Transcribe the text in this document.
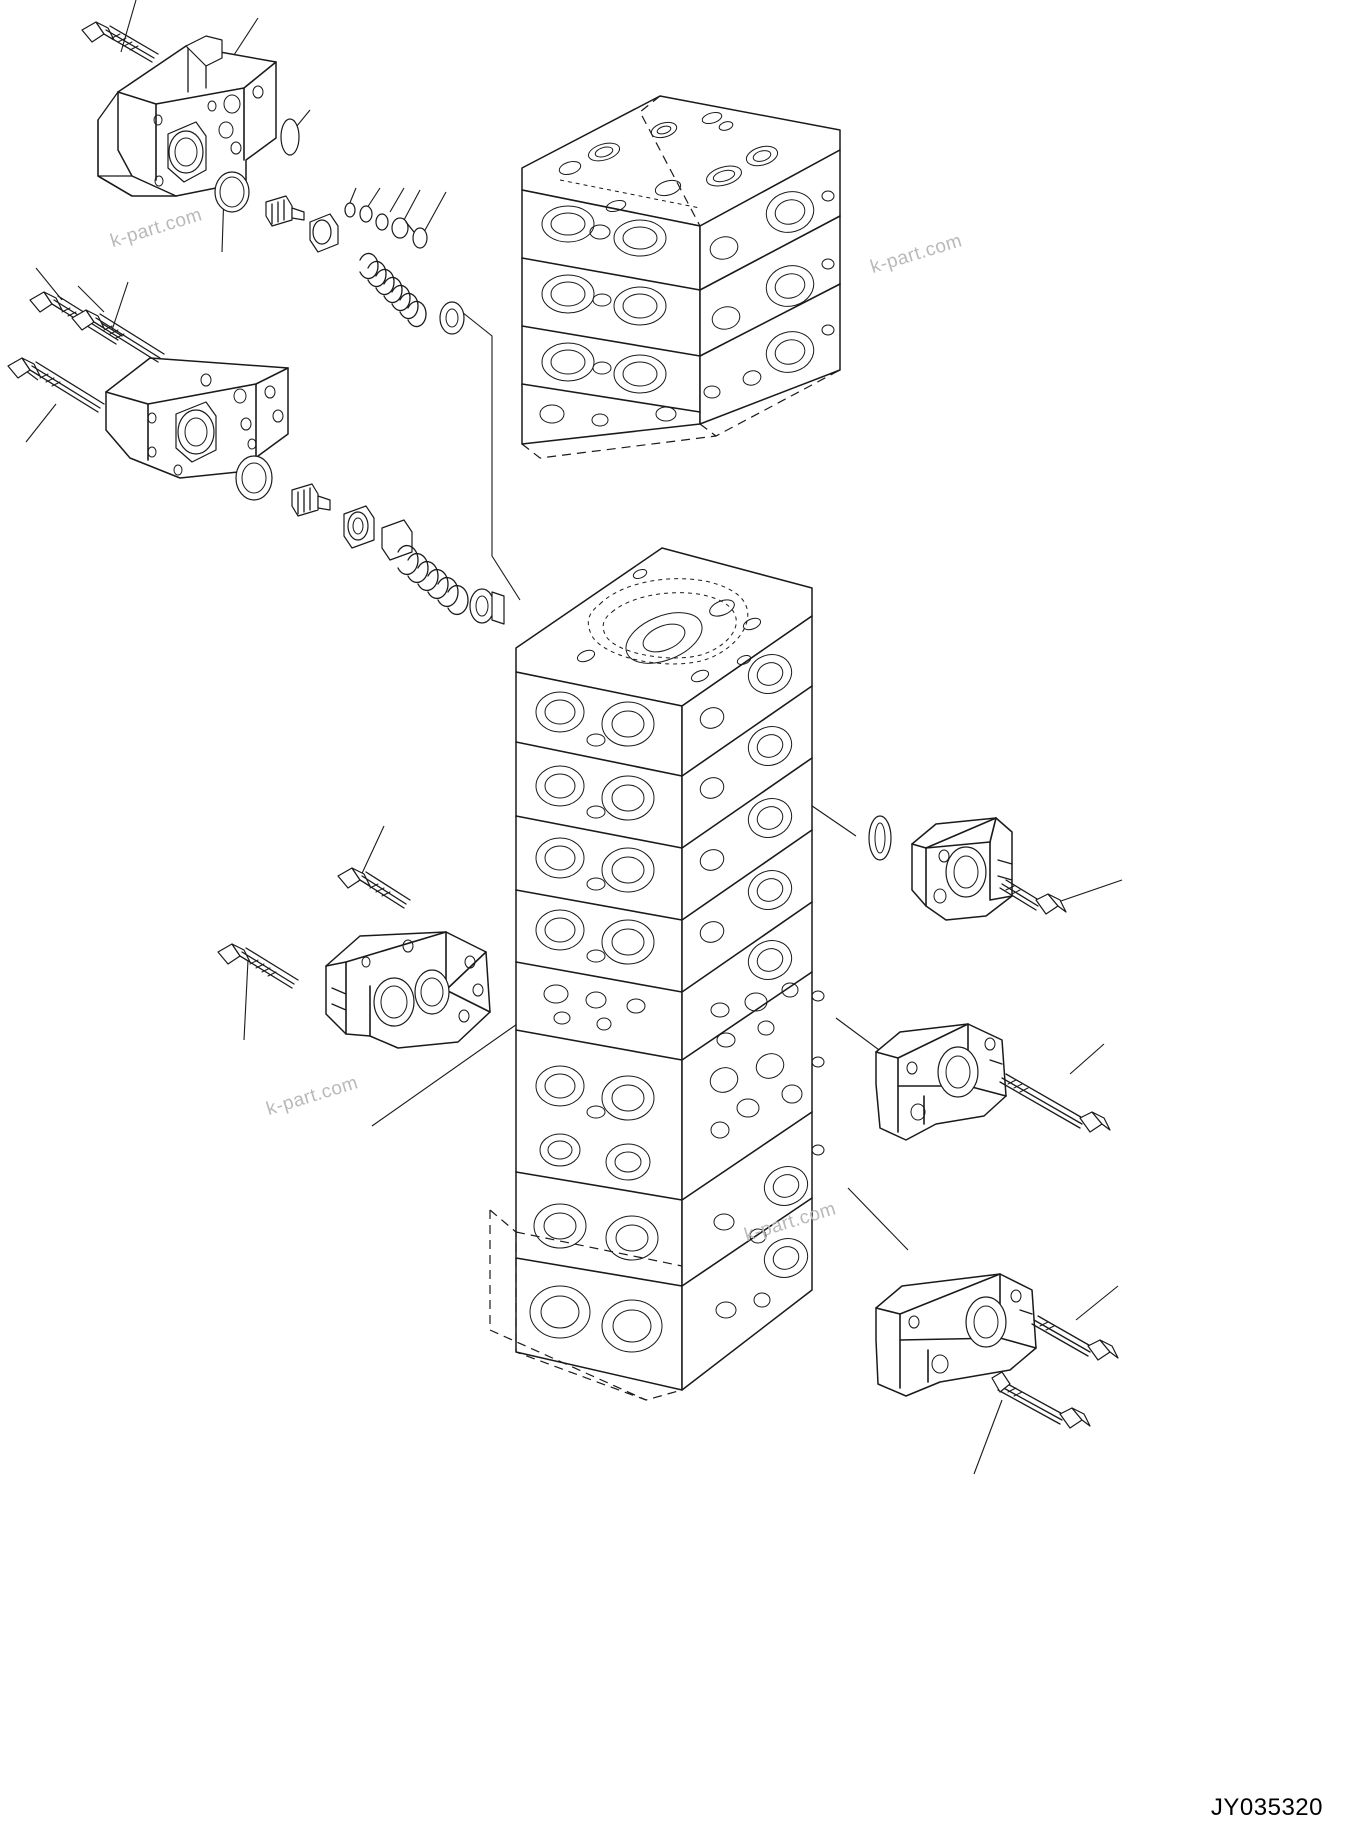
k-part.com
k-part.com
k-part.com
k-part.com
JY035320
